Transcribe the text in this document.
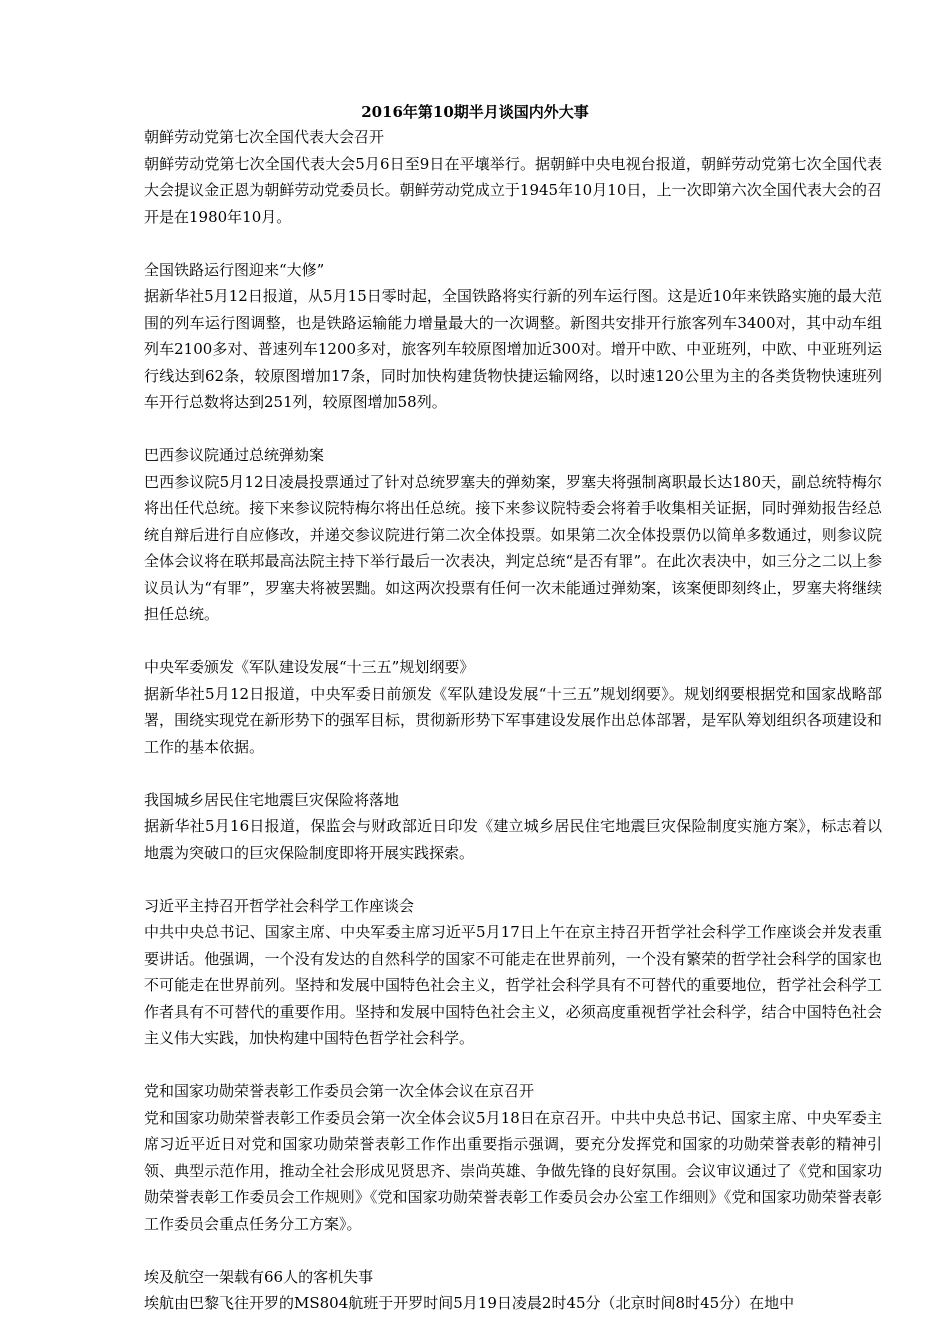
2016年第10期半月谈国内外大事
朝鲜劳动党第七次全国代表大会召开
朝鲜劳动党第七次全国代表大会5月6日至9日在平壤举行。据朝鲜中央电视台报道，朝鲜劳动党第七次全国代表大会提议金正恩为朝鲜劳动党委员长。朝鲜劳动党成立于1945年10月10日，上一次即第六次全国代表大会的召开是在1980年10月。
全国铁路运行图迎来“大修”
据新华社5月12日报道，从5月15日零时起，全国铁路将实行新的列车运行图。这是近10年来铁路实施的最大范围的列车运行图调整，也是铁路运输能力增量最大的一次调整。新图共安排开行旅客列车3400对，其中动车组列车2100多对、普速列车1200多对，旅客列车较原图增加近300对。增开中欧、中亚班列，中欧、中亚班列运行线达到62条，较原图增加17条，同时加快构建货物快捷运输网络，以时速120公里为主的各类货物快速班列车开行总数将达到251列，较原图增加58列。
巴西参议院通过总统弹劾案
巴西参议院5月12日凌晨投票通过了针对总统罗塞夫的弹劾案，罗塞夫将强制离职最长达180天，副总统特梅尔将出任代总统。接下来参议院特梅尔将出任总统。接下来参议院特委会将着手收集相关证据，同时弹劾报告经总统自辩后进行自应修改，并递交参议院进行第二次全体投票。如果第二次全体投票仍以简单多数通过，则参议院全体会议将在联邦最高法院主持下举行最后一次表决，判定总统“是否有罪”。在此次表决中，如三分之二以上参议员认为“有罪”，罗塞夫将被罢黜。如这两次投票有任何一次未能通过弹劾案，该案便即刻终止，罗塞夫将继续担任总统。
中央军委颁发《军队建设发展“十三五”规划纲要》
据新华社5月12日报道，中央军委日前颁发《军队建设发展“十三五”规划纲要》。规划纲要根据党和国家战略部署，围绕实现党在新形势下的强军目标，贯彻新形势下军事建设发展作出总体部署，是军队筹划组织各项建设和工作的基本依据。
我国城乡居民住宅地震巨灾保险将落地
据新华社5月16日报道，保监会与财政部近日印发《建立城乡居民住宅地震巨灾保险制度实施方案》，标志着以地震为突破口的巨灾保险制度即将开展实践探索。
习近平主持召开哲学社会科学工作座谈会
中共中央总书记、国家主席、中央军委主席习近平5月17日上午在京主持召开哲学社会科学工作座谈会并发表重要讲话。他强调，一个没有发达的自然科学的国家不可能走在世界前列，一个没有繁荣的哲学社会科学的国家也不可能走在世界前列。坚持和发展中国特色社会主义，哲学社会科学具有不可替代的重要地位，哲学社会科学工作者具有不可替代的重要作用。坚持和发展中国特色社会主义，必须高度重视哲学社会科学，结合中国特色社会主义伟大实践，加快构建中国特色哲学社会科学。
党和国家功勋荣誉表彰工作委员会第一次全体会议在京召开
党和国家功勋荣誉表彰工作委员会第一次全体会议5月18日在京召开。中共中央总书记、国家主席、中央军委主席习近平近日对党和国家功勋荣誉表彰工作作出重要指示强调，要充分发挥党和国家的功勋荣誉表彰的精神引领、典型示范作用，推动全社会形成见贤思齐、崇尚英雄、争做先锋的良好氛围。会议审议通过了《党和国家功勋荣誉表彰工作委员会工作规则》《党和国家功勋荣誉表彰工作委员会办公室工作细则》《党和国家功勋荣誉表彰工作委员会重点任务分工方案》。
埃及航空一架载有66人的客机失事
埃航由巴黎飞往开罗的MS804航班于开罗时间5月19日凌晨2时45分（北京时间8时45分）在地中
